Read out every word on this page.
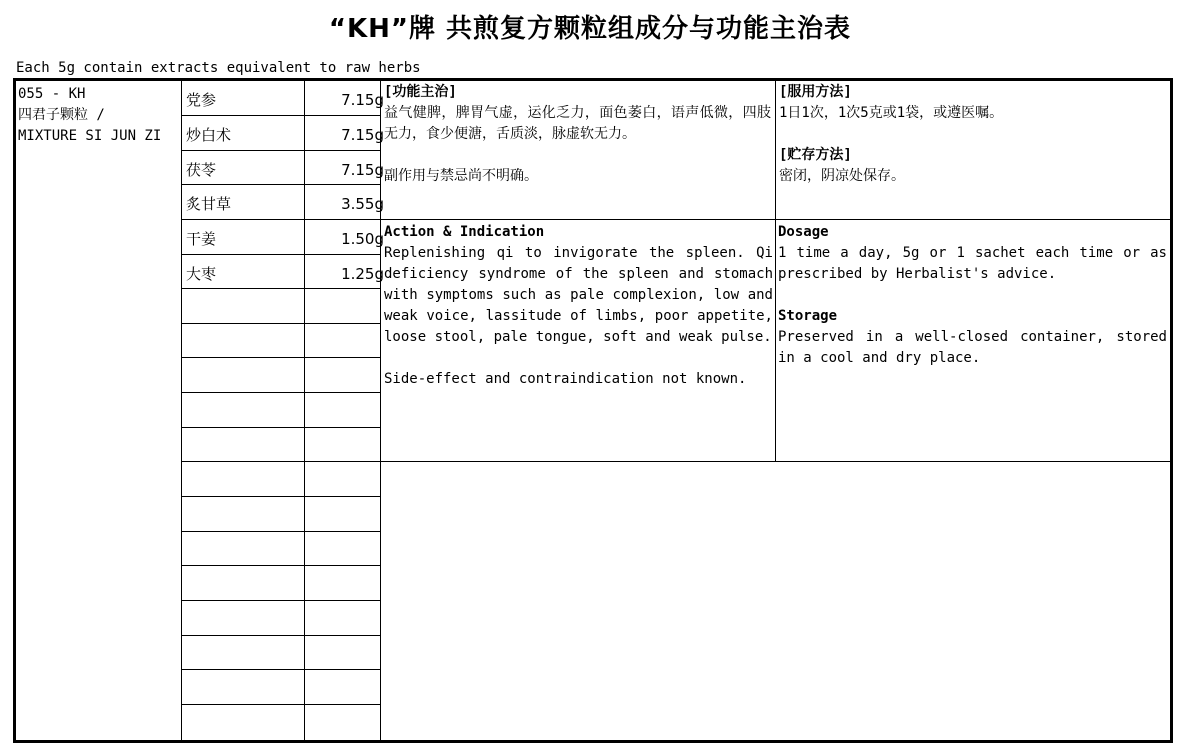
“KH”牌 共煎复方颗粒组成分与功能主治表
Each 5g contain extracts equivalent to raw herbs
055 - KH
四君子颗粒 /
MIXTURE SI JUN ZI
党参	7.15g
炒白术	7.15g
茯苓	7.15g
炙甘草	3.55g
干姜	1.50g
大枣	1.25g

[功能主治]

益气健脾，脾胃气虚，运化乏力，面色萎白，语声低微，四肢无力，食少便溏，舌质淡，脉虚软无力。

副作用与禁忌尚不明确。

[服用方法]

1日1次，1次5克或1袋，或遵医嘱。

[贮存方法]

密闭，阴凉处保存。

Action & Indication

Replenishing qi to invigorate the spleen. Qi deficiency syndrome of the spleen and stomach with symptoms such as pale complexion, low and weak voice, lassitude of limbs, poor appetite, loose stool, pale tongue, soft and weak pulse.

Side-effect and contraindication not known.

Dosage

1 time a day, 5g or 1 sachet each time or as prescribed by Herbalist's advice.

Storage

Preserved in a well-closed container, stored in a cool and dry place.
